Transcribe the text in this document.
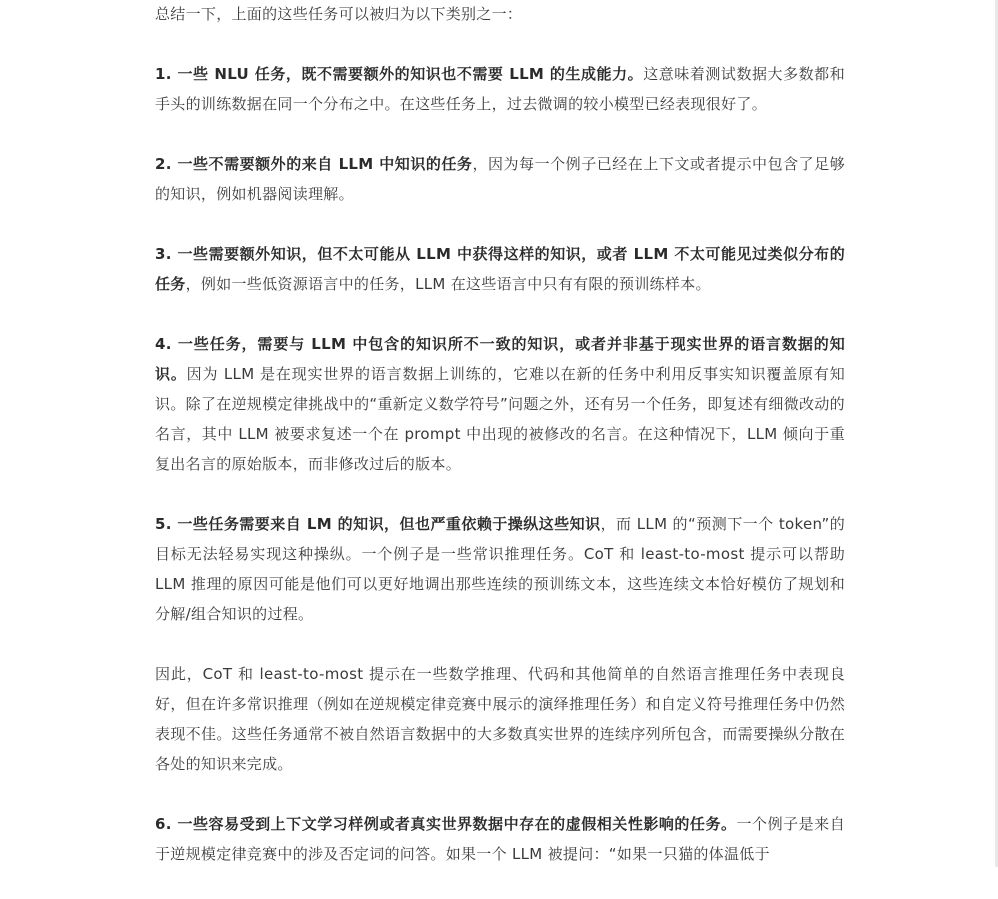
总结一下，上面的这些任务可以被归为以下类别之一：

1. 一些 NLU 任务，既不需要额外的知识也不需要 LLM 的生成能力。这意味着测试数据大多数都和手头的训练数据在同一个分布之中。在这些任务上，过去微调的较小模型已经表现很好了。

2. 一些不需要额外的来自 LLM 中知识的任务，因为每一个例子已经在上下文或者提示中包含了足够的知识，例如机器阅读理解。

3. 一些需要额外知识，但不太可能从 LLM 中获得这样的知识，或者 LLM 不太可能见过类似分布的任务，例如一些低资源语言中的任务，LLM 在这些语言中只有有限的预训练样本。

4. 一些任务，需要与 LLM 中包含的知识所不一致的知识，或者并非基于现实世界的语言数据的知识。因为 LLM 是在现实世界的语言数据上训练的，它难以在新的任务中利用反事实知识覆盖原有知识。除了在逆规模定律挑战中的“重新定义数学符号”问题之外，还有另一个任务，即复述有细微改动的名言，其中 LLM 被要求复述一个在 prompt 中出现的被修改的名言。在这种情况下，LLM 倾向于重复出名言的原始版本，而非修改过后的版本。

5. 一些任务需要来自 LM 的知识，但也严重依赖于操纵这些知识，而 LLM 的“预测下一个 token”的目标无法轻易实现这种操纵。一个例子是一些常识推理任务。CoT 和 least-to-most 提示可以帮助 LLM 推理的原因可能是他们可以更好地调出那些连续的预训练文本，这些连续文本恰好模仿了规划和分解/组合知识的过程。

因此，CoT 和 least-to-most 提示在一些数学推理、代码和其他简单的自然语言推理任务中表现良好，但在许多常识推理（例如在逆规模定律竞赛中展示的演绎推理任务）和自定义符号推理任务中仍然表现不佳。这些任务通常不被自然语言数据中的大多数真实世界的连续序列所包含，而需要操纵分散在各处的知识来完成。

6. 一些容易受到上下文学习样例或者真实世界数据中存在的虚假相关性影响的任务。一个例子是来自于逆规模定律竞赛中的涉及否定词的问答。如果一个 LLM 被提问：“如果一只猫的体温低于
